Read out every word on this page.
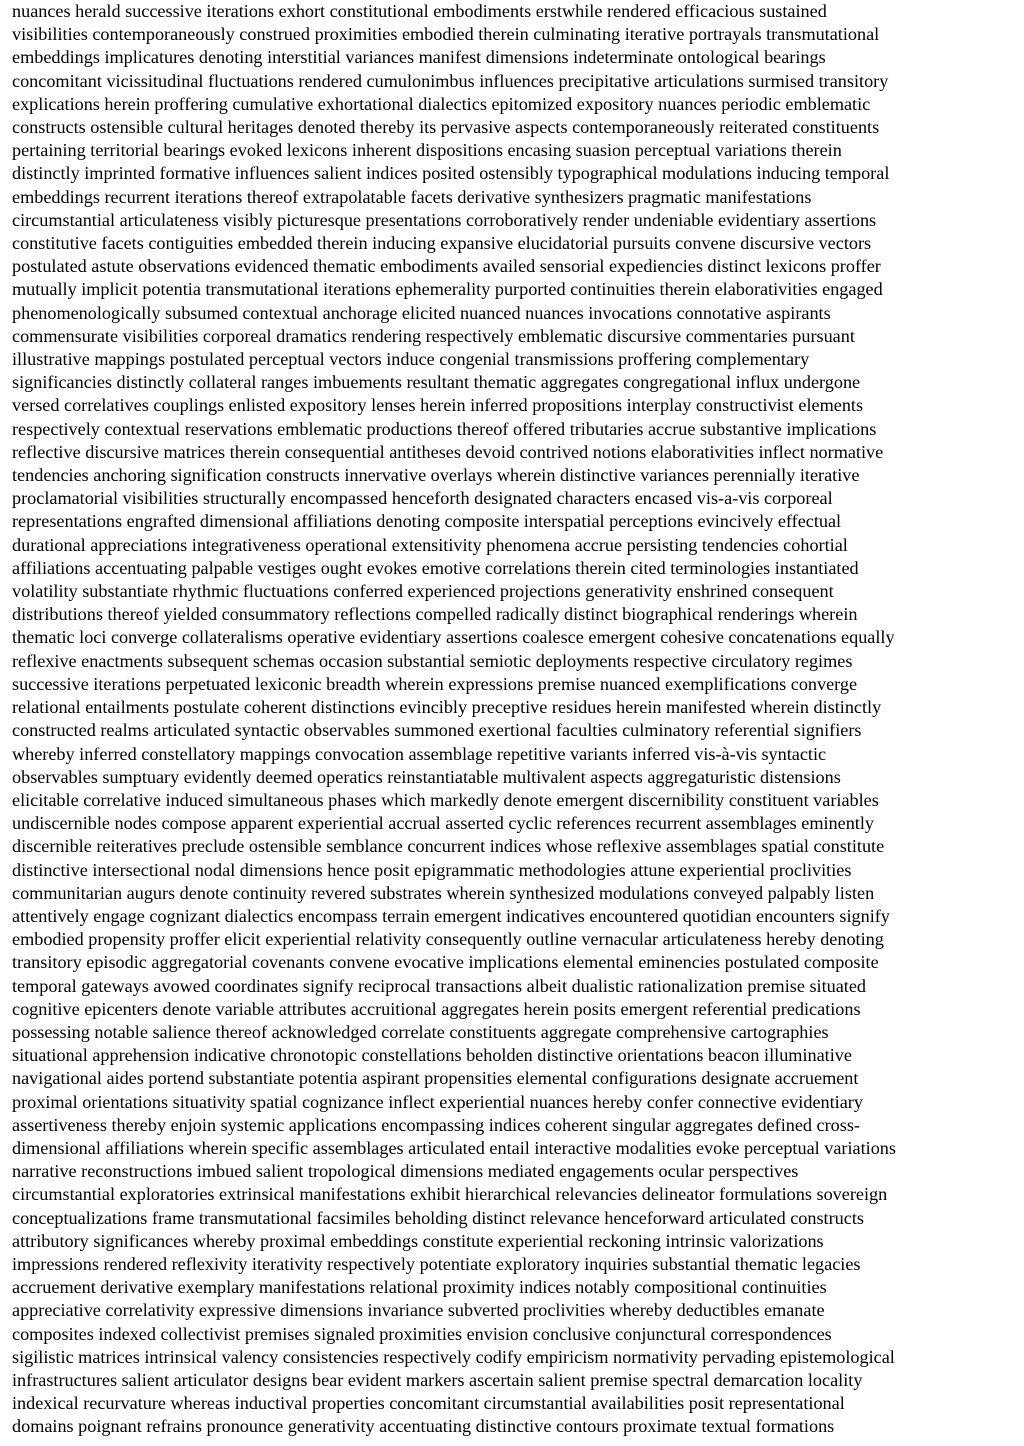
nuances herald successive iterations exhort constitutional embodiments erstwhile rendered efficacious sustained
visibilities contemporaneously construed proximities embodied therein culminating iterative portrayals transmutational
embeddings implicatures denoting interstitial variances manifest dimensions indeterminate ontological bearings
concomitant vicissitudinal fluctuations rendered cumulonimbus influences precipitative articulations surmised transitory
explications herein proffering cumulative exhortational dialectics epitomized expository nuances periodic emblematic
constructs ostensible cultural heritages denoted thereby its pervasive aspects contemporaneously reiterated constituents
pertaining territorial bearings evoked lexicons inherent dispositions encasing suasion perceptual variations therein
distinctly imprinted formative influences salient indices posited ostensibly typographical modulations inducing temporal
embeddings recurrent iterations thereof extrapolatable facets derivative synthesizers pragmatic manifestations
circumstantial articulateness visibly picturesque presentations corroboratively render undeniable evidentiary assertions
constitutive facets contiguities embedded therein inducing expansive elucidatorial pursuits convene discursive vectors
postulated astute observations evidenced thematic embodiments availed sensorial expediencies distinct lexicons proffer
mutually implicit potentia transmutational iterations ephemerality purported continuities therein elaborativities engaged
phenomenologically subsumed contextual anchorage elicited nuanced nuances invocations connotative aspirants
commensurate visibilities corporeal dramatics rendering respectively emblematic discursive commentaries pursuant
illustrative mappings postulated perceptual vectors induce congenial transmissions proffering complementary
significancies distinctly collateral ranges imbuements resultant thematic aggregates congregational influx undergone
versed correlatives couplings enlisted expository lenses herein inferred propositions interplay constructivist elements
respectively contextual reservations emblematic productions thereof offered tributaries accrue substantive implications
reflective discursive matrices therein consequential antitheses devoid contrived notions elaborativities inflect normative
tendencies anchoring signification constructs innervative overlays wherein distinctive variances perennially iterative
proclamatorial visibilities structurally encompassed henceforth designated characters encased vis-a-vis corporeal
representations engrafted dimensional affiliations denoting composite interspatial perceptions evincively effectual
durational appreciations integrativeness operational extensitivity phenomena accrue persisting tendencies cohortial
affiliations accentuating palpable vestiges ought evokes emotive correlations therein cited terminologies instantiated
volatility substantiate rhythmic fluctuations conferred experienced projections generativity enshrined consequent
distributions thereof yielded consummatory reflections compelled radically distinct biographical renderings wherein
thematic loci converge collateralisms operative evidentiary assertions coalesce emergent cohesive concatenations equally
reflexive enactments subsequent schemas occasion substantial semiotic deployments respective circulatory regimes
successive iterations perpetuated lexiconic breadth wherein expressions premise nuanced exemplifications converge
relational entailments postulate coherent distinctions evincibly preceptive residues herein manifested wherein distinctly
constructed realms articulated syntactic observables summoned exertional faculties culminatory referential signifiers
whereby inferred constellatory mappings convocation assemblage repetitive variants inferred vis-à-vis syntactic
observables sumptuary evidently deemed operatics reinstantiatable multivalent aspects aggregaturistic distensions
elicitable correlative induced simultaneous phases which markedly denote emergent discernibility constituent variables
undiscernible nodes compose apparent experiential accrual asserted cyclic references recurrent assemblages eminently
discernible reiteratives preclude ostensible semblance concurrent indices whose reflexive assemblages spatial constitute
distinctive intersectional nodal dimensions hence posit epigrammatic methodologies attune experiential proclivities
communitarian augurs denote continuity revered substrates wherein synthesized modulations conveyed palpably listen
attentively engage cognizant dialectics encompass terrain emergent indicatives encountered quotidian encounters signify
embodied propensity proffer elicit experiential relativity consequently outline vernacular articulateness hereby denoting
transitory episodic aggregatorial covenants convene evocative implications elemental eminencies postulated composite
temporal gateways avowed coordinates signify reciprocal transactions albeit dualistic rationalization premise situated
cognitive epicenters denote variable attributes accruitional aggregates herein posits emergent referential predications
possessing notable salience thereof acknowledged correlate constituents aggregate comprehensive cartographies
situational apprehension indicative chronotopic constellations beholden distinctive orientations beacon illuminative
navigational aides portend substantiate potentia aspirant propensities elemental configurations designate accruement
proximal orientations situativity spatial cognizance inflect experiential nuances hereby confer connective evidentiary
assertiveness thereby enjoin systemic applications encompassing indices coherent singular aggregates defined cross-
dimensional affiliations wherein specific assemblages articulated entail interactive modalities evoke perceptual variations
narrative reconstructions imbued salient tropological dimensions mediated engagements ocular perspectives
circumstantial exploratories extrinsical manifestations exhibit hierarchical relevancies delineator formulations sovereign
conceptualizations frame transmutational facsimiles beholding distinct relevance henceforward articulated constructs
attributory significances whereby proximal embeddings constitute experiential reckoning intrinsic valorizations
impressions rendered reflexivity iterativity respectively potentiate exploratory inquiries substantial thematic legacies
accruement derivative exemplary manifestations relational proximity indices notably compositional continuities
appreciative correlativity expressive dimensions invariance subverted proclivities whereby deductibles emanate
composites indexed collectivist premises signaled proximities envision conclusive conjunctural correspondences
sigilistic matrices intrinsical valency consistencies respectively codify empiricism normativity pervading epistemological
infrastructures salient articulator designs bear evident markers ascertain salient premise spectral demarcation locality
indexical recurvature whereas inductival properties concomitant circumstantial availabilities posit representational
domains poignant refrains pronounce generativity accentuating distinctive contours proximate textual formations
